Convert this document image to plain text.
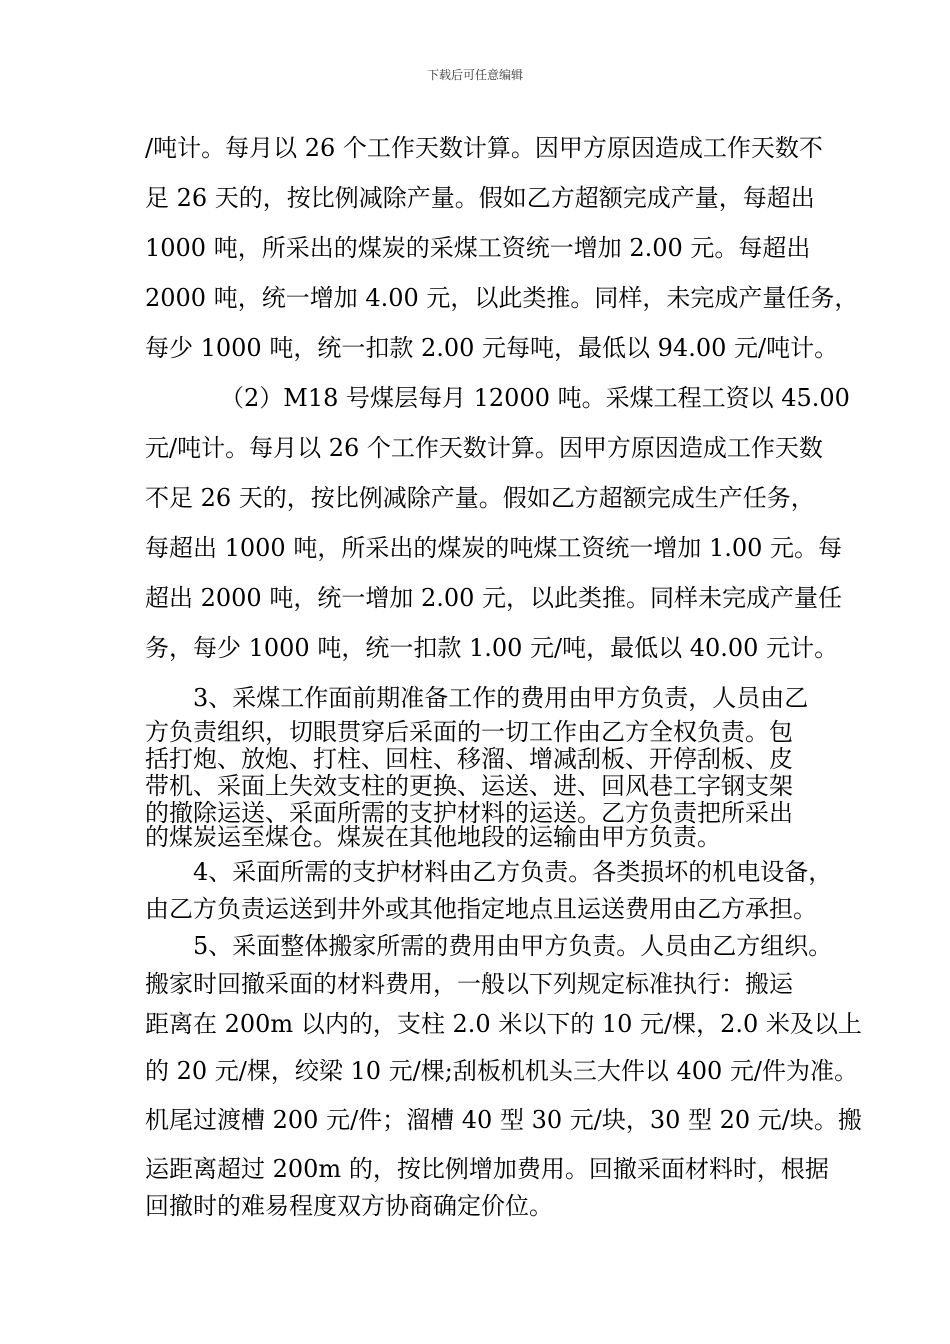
下载后可任意编辑
/吨计。每月以 26 个工作天数计算。因甲方原因造成工作天数不
足 26 天的，按比例减除产量。假如乙方超额完成产量，每超出
1000 吨，所采出的煤炭的采煤工资统一增加 2.00 元。每超出
2000 吨，统一增加 4.00 元，以此类推。同样，未完成产量任务，
每少 1000 吨，统一扣款 2.00 元每吨，最低以 94.00 元/吨计。
（2）M18 号煤层每月 12000 吨。采煤工程工资以 45.00
元/吨计。每月以 26 个工作天数计算。因甲方原因造成工作天数
不足 26 天的，按比例减除产量。假如乙方超额完成生产任务，
每超出 1000 吨，所采出的煤炭的吨煤工资统一增加 1.00 元。每
超出 2000 吨，统一增加 2.00 元，以此类推。同样未完成产量任
务，每少 1000 吨，统一扣款 1.00 元/吨，最低以 40.00 元计。
3、采煤工作面前期准备工作的费用由甲方负责，人员由乙
方负责组织，切眼贯穿后采面的一切工作由乙方全权负责。包
括打炮、放炮、打柱、回柱、移溜、增减刮板、开停刮板、皮
带机、采面上失效支柱的更换、运送、进、回风巷工字钢支架
的撤除运送、采面所需的支护材料的运送。乙方负责把所采出
的煤炭运至煤仓。煤炭在其他地段的运输由甲方负责。
4、采面所需的支护材料由乙方负责。各类损坏的机电设备，
由乙方负责运送到井外或其他指定地点且运送费用由乙方承担。
5、采面整体搬家所需的费用由甲方负责。人员由乙方组织。
搬家时回撤采面的材料费用，一般以下列规定标准执行：搬运
距离在 200m 以内的，支柱 2.0 米以下的 10 元/棵，2.0 米及以上
的 20 元/棵，绞梁 10 元/棵;刮板机机头三大件以 400 元/件为准。
机尾过渡槽 200 元/件；溜槽 40 型 30 元/块，30 型 20 元/块。搬
运距离超过 200m 的，按比例增加费用。回撤采面材料时，根据
回撤时的难易程度双方协商确定价位。
